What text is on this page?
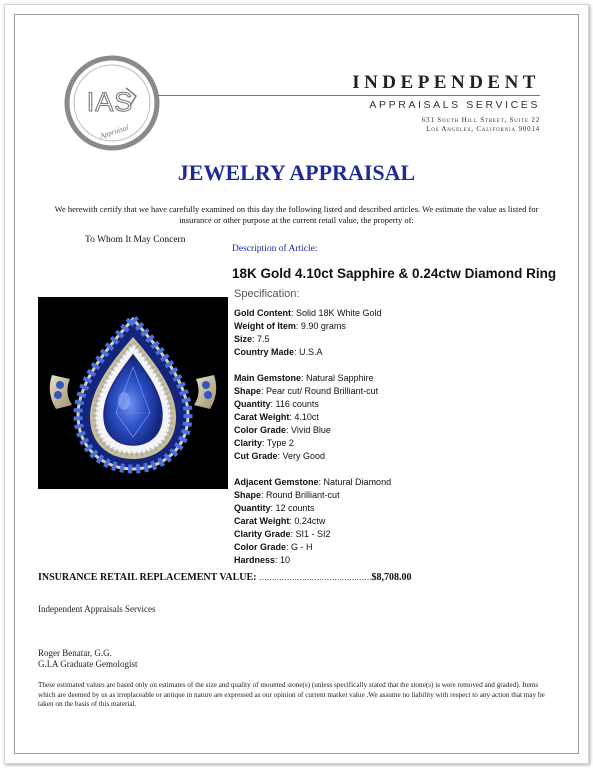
IAS
Appraisal
INDEPENDENT
APPRAISALS SERVICES
631 South Hill Street, Suite 22
Los Angeles, California 90014
JEWELRY APPRAISAL
We herewith certify that we have carefully examined on this day the following listed and described articles. We estimate the value as listed for insurance or other purpose at the current retail value, the property of:
To Whom It May Concern
Description of Article:
18K Gold 4.10ct Sapphire & 0.24ctw Diamond Ring
Specification:
Gold Content: Solid 18K White Gold
Weight of Item: 9.90 grams
Size: 7.5
Country Made: U.S.A
Main Gemstone: Natural Sapphire
Shape: Pear cut/ Round Brilliant-cut
Quantity: 116 counts
Carat Weight: 4.10ct
Color Grade: Vivid Blue
Clarity: Type 2
Cut Grade: Very Good
Adjacent Gemstone: Natural Diamond
Shape: Round Brilliant-cut
Quantity: 12 counts
Carat Weight: 0.24ctw
Clarity Grade: SI1 - SI2
Color Grade: G - H
Hardness: 10
INSURANCE RETAIL REPLACEMENT VALUE: ………………………………………$8,708.00
Independent Appraisals Services
Roger Benatar, G.G.
G.I.A Graduate Gemologist
These estimated values are based only on estimates of the size and quality of mounted stone(s) (unless specifically stated that the stone(s) is were removed and graded). Items which are deemed by us as irreplaceable or antique in nature are expressed as our opinion of current market value .We assume no liability with respect to any action that may be taken on the basis of this material.
